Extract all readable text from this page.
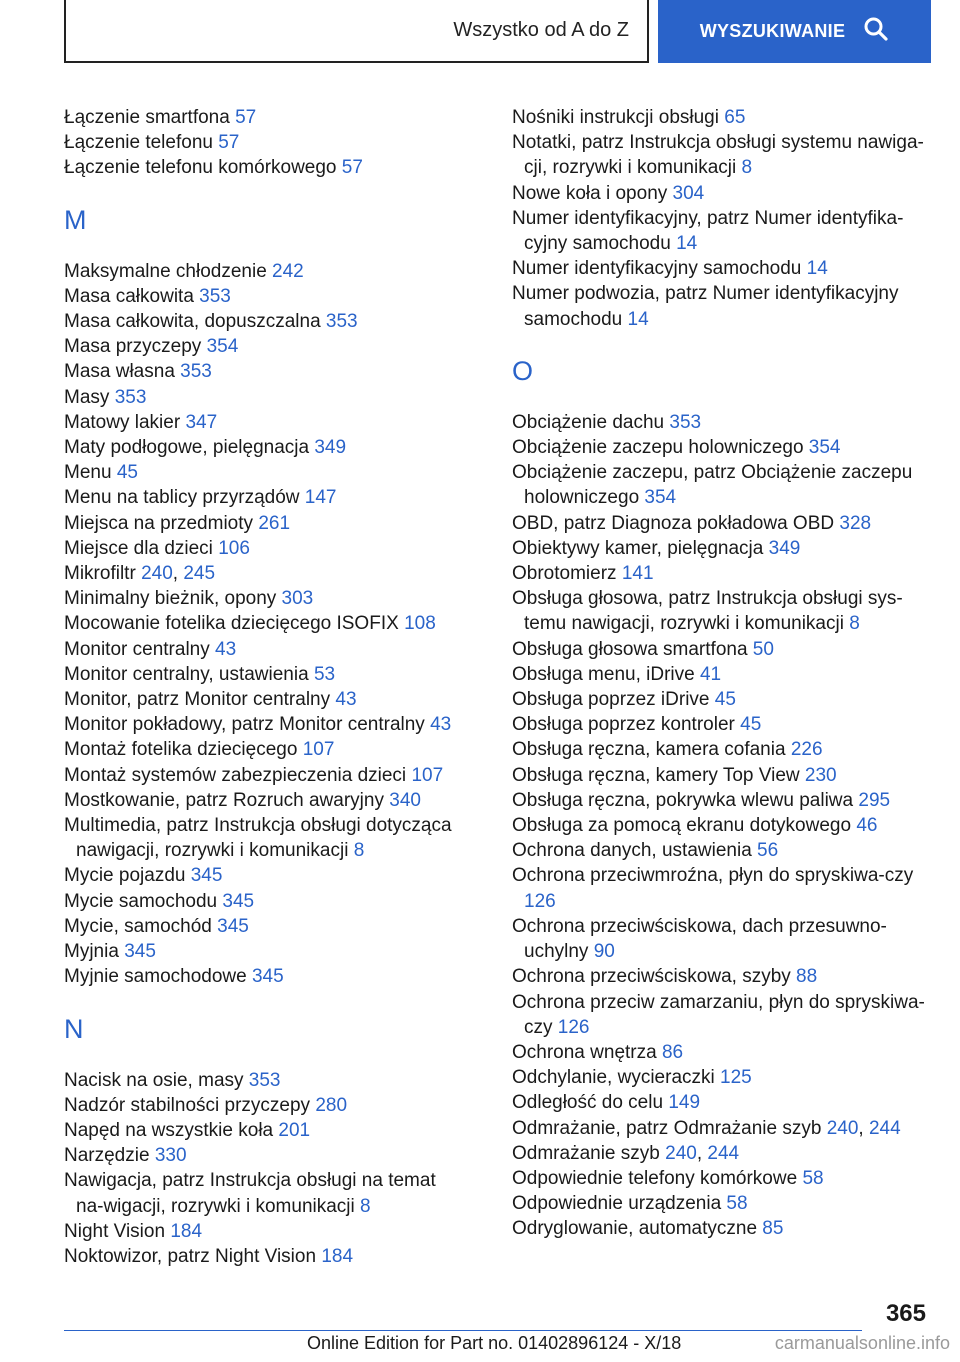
Wszystko od A do Z	WYSZUKIWANIE

Łączenie smartfona 57

Łączenie telefonu 57

Łączenie telefonu komórkowego 57

M

Maksymalne chłodzenie 242

Masa całkowita 353

Masa całkowita, dopuszczalna 353

Masa przyczepy 354

Masa własna 353

Masy 353

Matowy lakier 347

Maty podłogowe, pielęgnacja 349

Menu 45

Menu na tablicy przyrządów 147

Miejsca na przedmioty 261

Miejsce dla dzieci 106

Mikrofiltr 240, 245

Minimalny bieżnik, opony 303

Mocowanie fotelika dziecięcego ISOFIX 108

Monitor centralny 43

Monitor centralny, ustawienia 53

Monitor, patrz Monitor centralny 43

Monitor pokładowy, patrz Monitor centralny 43

Montaż fotelika dziecięcego 107

Montaż systemów zabezpieczenia dzieci 107

Mostkowanie, patrz Rozruch awaryjny 340

Multimedia, patrz Instrukcja obsługi dotycząca nawigacji, rozrywki i komunikacji 8

Mycie pojazdu 345

Mycie samochodu 345

Mycie, samochód 345

Myjnia 345

Myjnie samochodowe 345

N

Nacisk na osie, masy 353

Nadzór stabilności przyczepy 280

Napęd na wszystkie koła 201

Narzędzie 330

Nawigacja, patrz Instrukcja obsługi na temat na-wigacji, rozrywki i komunikacji 8

Night Vision 184

Noktowizor, patrz Night Vision 184

Nośniki instrukcji obsługi 65

Notatki, patrz Instrukcja obsługi systemu nawiga-cji, rozrywki i komunikacji 8

Nowe koła i opony 304

Numer identyfikacyjny, patrz Numer identyfika-cyjny samochodu 14

Numer identyfikacyjny samochodu 14

Numer podwozia, patrz Numer identyfikacyjny samochodu 14

O

Obciążenie dachu 353

Obciążenie zaczepu holowniczego 354

Obciążenie zaczepu, patrz Obciążenie zaczepu holowniczego 354

OBD, patrz Diagnoza pokładowa OBD 328

Obiektywy kamer, pielęgnacja 349

Obrotomierz 141

Obsługa głosowa, patrz Instrukcja obsługi sys-temu nawigacji, rozrywki i komunikacji 8

Obsługa głosowa smartfona 50

Obsługa menu, iDrive 41

Obsługa poprzez iDrive 45

Obsługa poprzez kontroler 45

Obsługa ręczna, kamera cofania 226

Obsługa ręczna, kamery Top View 230

Obsługa ręczna, pokrywka wlewu paliwa 295

Obsługa za pomocą ekranu dotykowego 46

Ochrona danych, ustawienia 56

Ochrona przeciwmroźna, płyn do spryskiwa-czy 126

Ochrona przeciwściskowa, dach przesuwno-uchylny 90

Ochrona przeciwściskowa, szyby 88

Ochrona przeciw zamarzaniu, płyn do spryskiwa-czy 126

Ochrona wnętrza 86

Odchylanie, wycieraczki 125

Odległość do celu 149

Odmrażanie, patrz Odmrażanie szyb 240, 244

Odmrażanie szyb 240, 244

Odpowiednie telefony komórkowe 58

Odpowiednie urządzenia 58

Odryglowanie, automatyczne 85

365
Online Edition for Part no. 01402896124 - X/18	carmanualsonline.info
